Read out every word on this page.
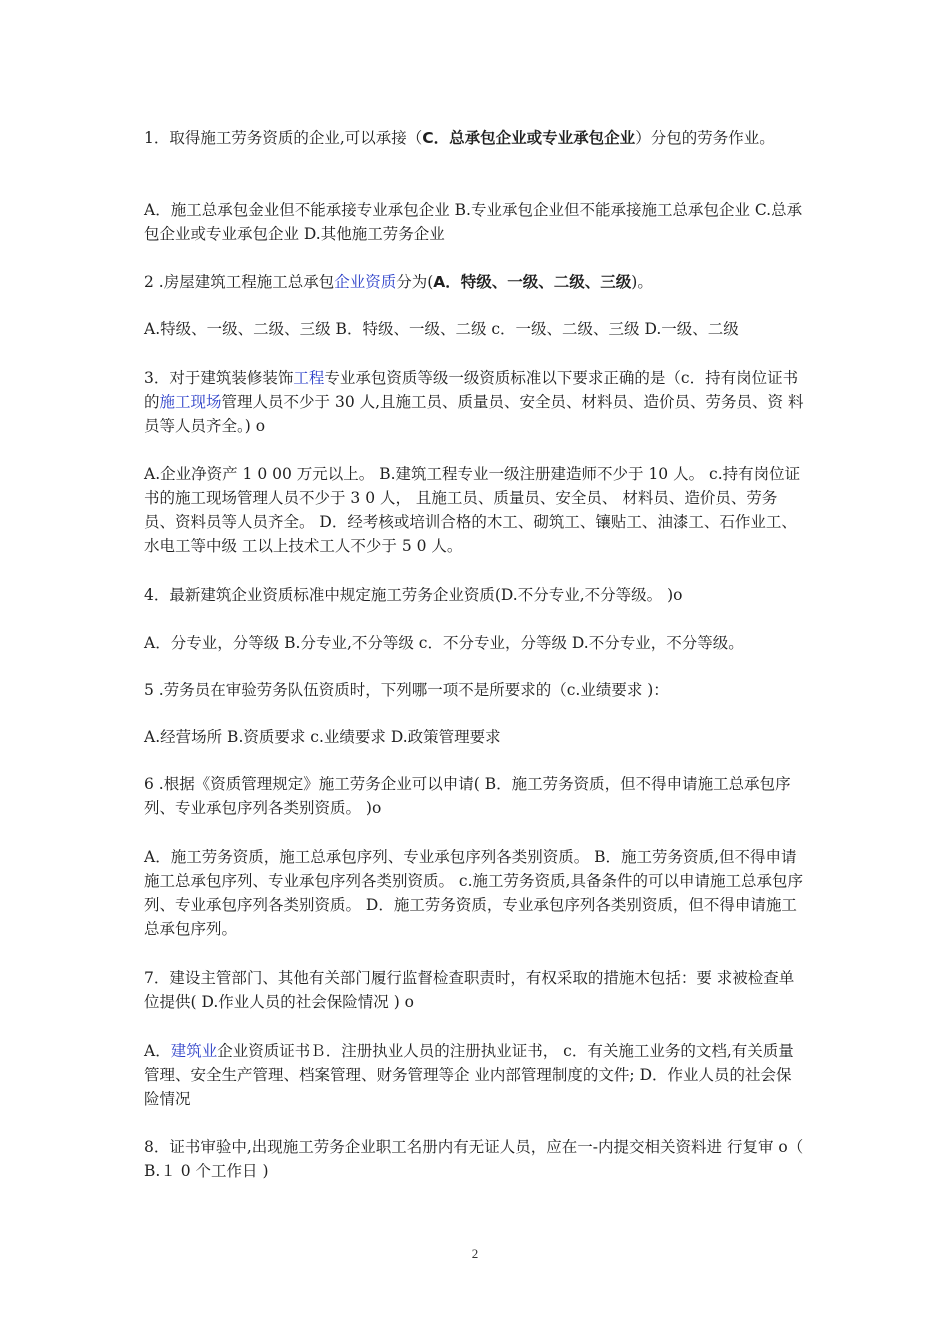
1．取得施工劳务资质的企业,可以承接（C．总承包企业或专业承包企业）分包的劳务作业。

A．施工总承包金业但不能承接专业承包企业 B.专业承包企业但不能承接施工总承包企业 C.总承包企业或专业承包企业 D.其他施工劳务企业

2 .房屋建筑工程施工总承包企业资质分为(A．特级、一级、二级、三级)。

A.特级、一级、二级、三级 B．特级、一级、二级 c．一级、二级、三级 D.一级、二级

3．对于建筑装修装饰工程专业承包资质等级一级资质标准以下要求正确的是（c．持有岗位证书 的施工现场管理人员不少于 30 人,且施工员、质量员、安全员、材料员、造价员、劳务员、资 料员等人员齐全。) o

A.企业净资产 1 0 00 万元以上。 B.建筑工程专业一级注册建造师不少于 10 人。 c.持有岗位证书的施工现场管理人员不少于 3 0 人， 且施工员、质量员、安全员、 材料员、造价员、劳务员、资料员等人员齐全。 D．经考核或培训合格的木工、砌筑工、镶贴工、油漆工、石作业工、水电工等中级 工以上技术工人不少于 5 0 人。

4．最新建筑企业资质标准中规定施工劳务企业资质(D.不分专业,不分等级。 )o

A．分专业，分等级 B.分专业,不分等级 c．不分专业，分等级 D.不分专业，不分等级。

5 .劳务员在审验劳务队伍资质时，下列哪一项不是所要求的（c.业绩要求 )：

A.经营场所 B.资质要求 c.业绩要求 D.政策管理要求

6 .根据《资质管理规定》施工劳务企业可以申请( B．施工劳务资质，但不得申请施工总承包序列、专业承包序列各类别资质。 )o

A．施工劳务资质，施工总承包序列、专业承包序列各类别资质。 B．施工劳务资质,但不得申请施工总承包序列、专业承包序列各类别资质。 c.施工劳务资质,具备条件的可以申请施工总承包序列、专业承包序列各类别资质。 D．施工劳务资质，专业承包序列各类别资质，但不得申请施工总承包序列。

7．建设主管部门、其他有关部门履行监督检查职责时，有权采取的措施木包括：要 求被检查单位提供( D.作业人员的社会保险情况 ) o

A．建筑业企业资质证书Ｂ．注册执业人员的注册执业证书， c．有关施工业务的文档,有关质量管理、安全生产管理、档案管理、财务管理等企 业内部管理制度的文件; D．作业人员的社会保险情况

8．证书审验中,出现施工劳务企业职工名册内有无证人员，应在一-内提交相关资料进 行复审 o（ B.１ 0 个工作日 )

2
